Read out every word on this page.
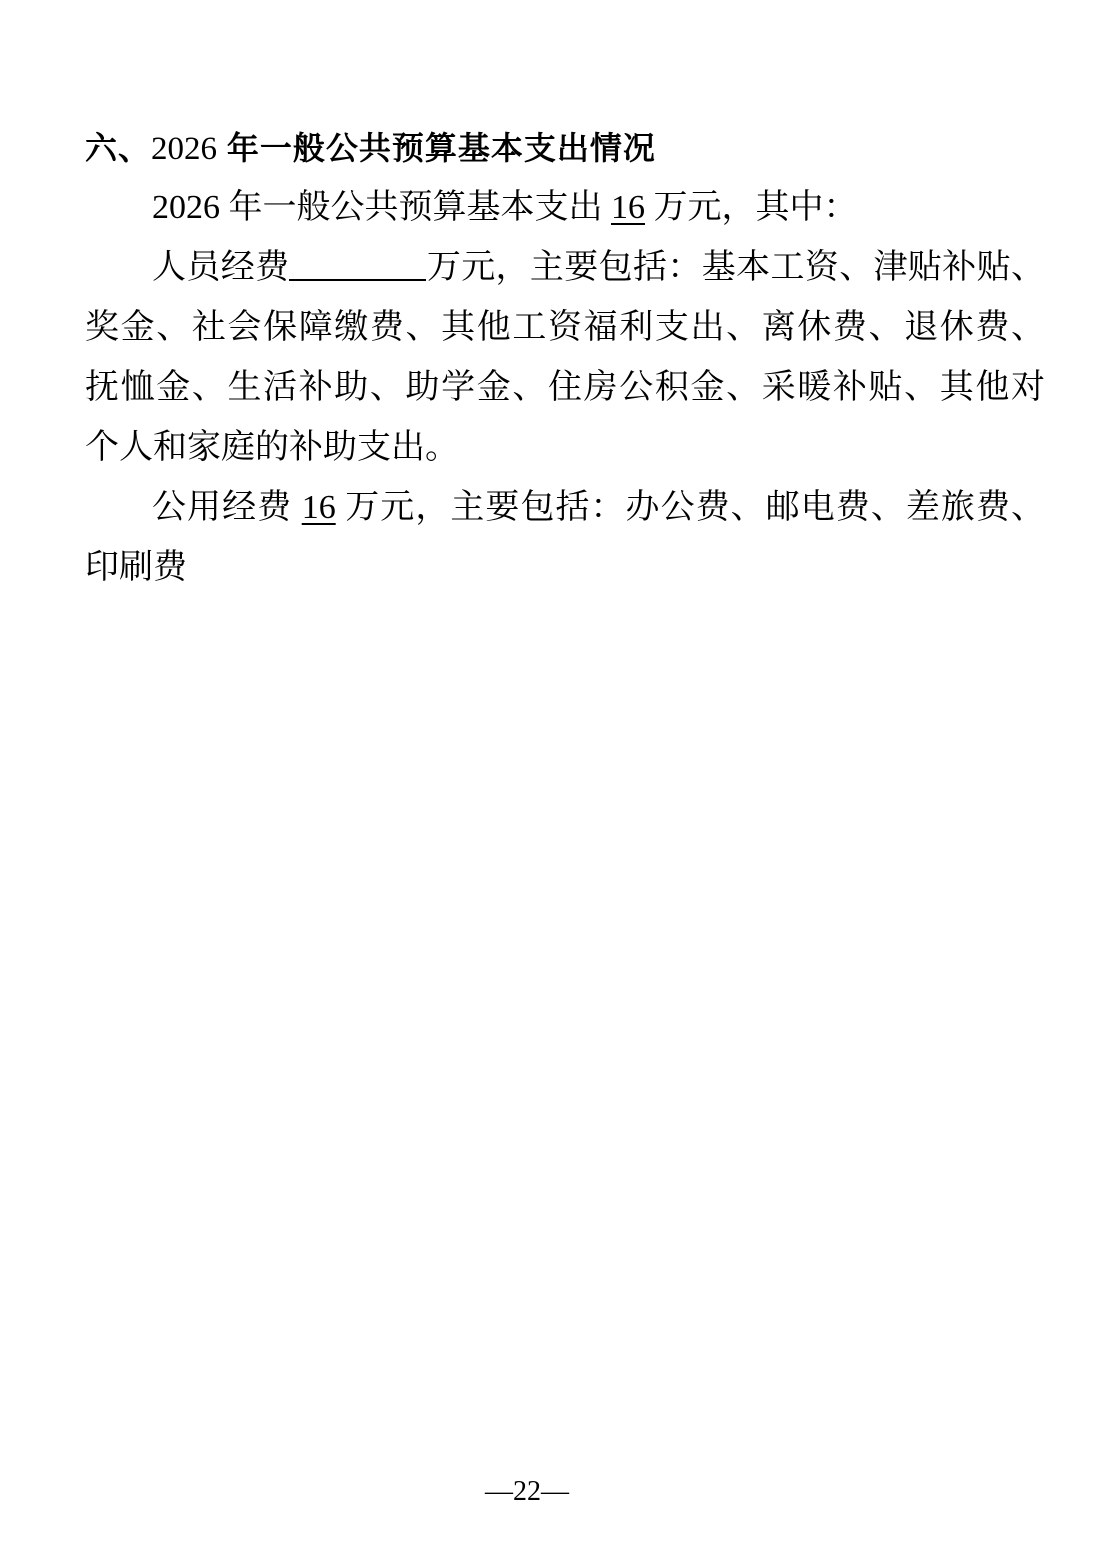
六、2026 年一般公共预算基本支出情况
2026 年一般公共预算基本支出 16 万元，其中：
人员经费	万元，主要包括：基本工资、津贴补贴、
奖金、社会保障缴费、其他工资福利支出、离休费、退休费、
抚恤金、生活补助、助学金、住房公积金、采暖补贴、其他对
个人和家庭的补助支出。
公用经费 16 万元，主要包括：办公费、邮电费、差旅费、
印刷费
—22—
